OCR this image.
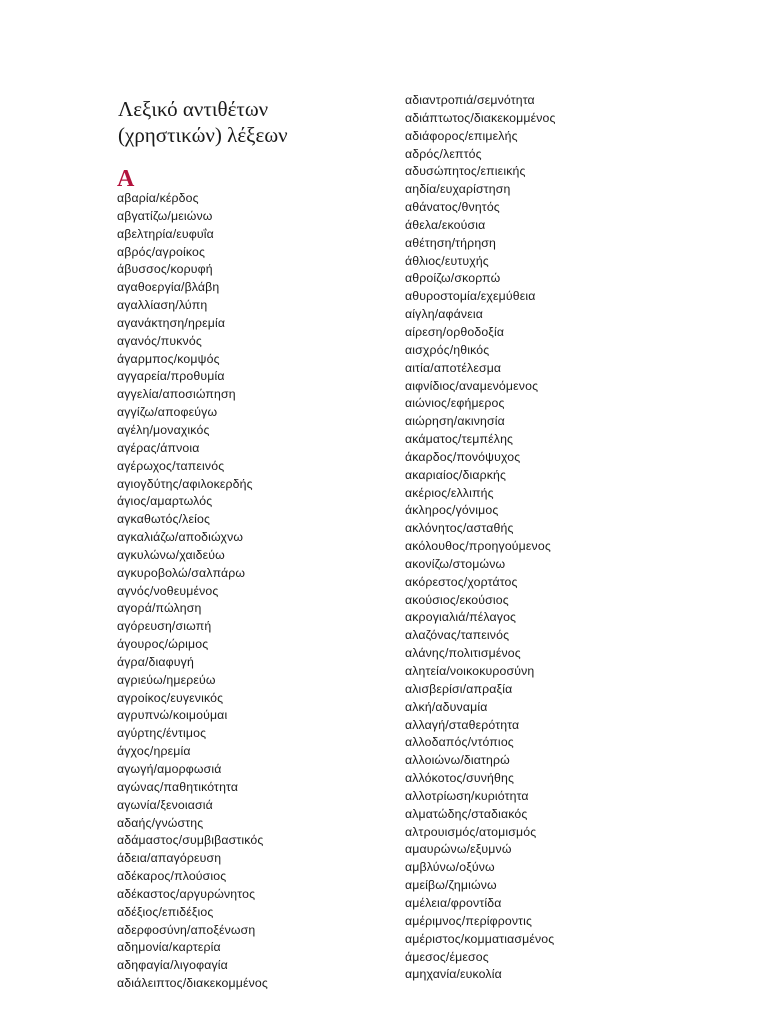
Λεξικό αντιθέτων
(χρηστικών) λέξεων
Α
αβαρία/κέρδος
αβγατίζω/μειώνω
αβελτηρία/ευφυΐα
αβρός/αγροίκος
άβυσσος/κορυφή
αγαθοεργία/βλάβη
αγαλλίαση/λύπη
αγανάκτηση/ηρεμία
αγανός/πυκνός
άγαρμπος/κομψός
αγγαρεία/προθυμία
αγγελία/αποσιώπηση
αγγίζω/αποφεύγω
αγέλη/μοναχικός
αγέρας/άπνοια
αγέρωχος/ταπεινός
αγιογδύτης/αφιλοκερδής
άγιος/αμαρτωλός
αγκαθωτός/λείος
αγκαλιάζω/αποδιώχνω
αγκυλώνω/χαιδεύω
αγκυροβολώ/σαλπάρω
αγνός/νοθευμένος
αγορά/πώληση
αγόρευση/σιωπή
άγουρος/ώριμος
άγρα/διαφυγή
αγριεύω/ημερεύω
αγροίκος/ευγενικός
αγρυπνώ/κοιμούμαι
αγύρτης/έντιμος
άγχος/ηρεμία
αγωγή/αμορφωσιά
αγώνας/παθητικότητα
αγωνία/ξενοιασιά
αδαής/γνώστης
αδάμαστος/συμβιβαστικός
άδεια/απαγόρευση
αδέκαρος/πλούσιος
αδέκαστος/αργυρώνητος
αδέξιος/επιδέξιος
αδερφοσύνη/αποξένωση
αδημονία/καρτερία
αδηφαγία/λιγοφαγία
αδιάλειπτος/διακεκομμένος
αδιαντροπιά/σεμνότητα
αδιάπτωτος/διακεκομμένος
αδιάφορος/επιμελής
αδρός/λεπτός
αδυσώπητος/επιεικής
αηδία/ευχαρίστηση
αθάνατος/θνητός
άθελα/εκούσια
αθέτηση/τήρηση
άθλιος/ευτυχής
αθροίζω/σκορπώ
αθυροστομία/εχεμύθεια
αίγλη/αφάνεια
αίρεση/ορθοδοξία
αισχρός/ηθικός
αιτία/αποτέλεσμα
αιφνίδιος/αναμενόμενος
αιώνιος/εφήμερος
αιώρηση/ακινησία
ακάματος/τεμπέλης
άκαρδος/πονόψυχος
ακαριαίος/διαρκής
ακέριος/ελλιπής
άκληρος/γόνιμος
ακλόνητος/ασταθής
ακόλουθος/προηγούμενος
ακονίζω/στομώνω
ακόρεστος/χορτάτος
ακούσιος/εκούσιος
ακρογιαλιά/πέλαγος
αλαζόνας/ταπεινός
αλάνης/πολιτισμένος
αλητεία/νοικοκυροσύνη
αλισβερίσι/απραξία
αλκή/αδυναμία
αλλαγή/σταθερότητα
αλλοδαπός/ντόπιος
αλλοιώνω/διατηρώ
αλλόκοτος/συνήθης
αλλοτρίωση/κυριότητα
αλματώδης/σταδιακός
αλτρουισμός/ατομισμός
αμαυρώνω/εξυμνώ
αμβλύνω/οξύνω
αμείβω/ζημιώνω
αμέλεια/φροντίδα
αμέριμνος/περίφροντις
αμέριστος/κομματιασμένος
άμεσος/έμεσος
αμηχανία/ευκολία
